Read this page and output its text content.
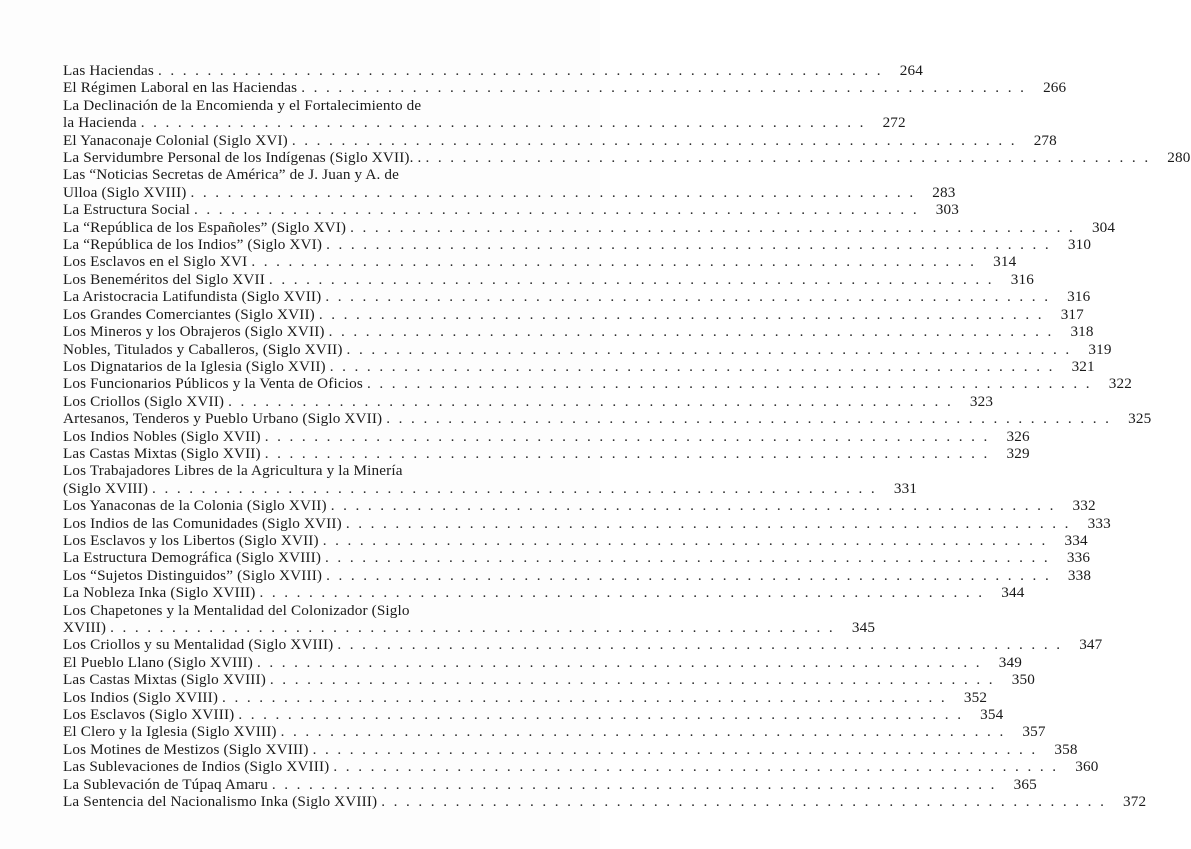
Las Haciendas . . . . . . . . . . . . . . . . . . . . . . . . . . . . . . . . . . . . . . . . . . . . . . . . . . . . . . . . . . .	264
El Régimen Laboral en las Haciendas . . . . . . . . . . . . . . . . . . . . . . . . . . . . . . . . . . . . . . . . . . . . . . . . . . . . . . . . . . .	266
La Declinación de la Encomienda y el Fortalecimiento de
la Hacienda . . . . . . . . . . . . . . . . . . . . . . . . . . . . . . . . . . . . . . . . . . . . . . . . . . . . . . . . . . .	272
El Yanaconaje Colonial (Siglo XVI) . . . . . . . . . . . . . . . . . . . . . . . . . . . . . . . . . . . . . . . . . . . . . . . . . . . . . . . . . . .	278
La Servidumbre Personal de los Indígenas (Siglo XVII). . . . . . . . . . . . . . . . . . . . . . . . . . . . . . . . . . . . . . . . . . . . . . . . . . . . . . . . . . . . .	280
Las “Noticias Secretas de América” de J. Juan y A. de
Ulloa (Siglo XVIII) . . . . . . . . . . . . . . . . . . . . . . . . . . . . . . . . . . . . . . . . . . . . . . . . . . . . . . . . . . .	283
La Estructura Social . . . . . . . . . . . . . . . . . . . . . . . . . . . . . . . . . . . . . . . . . . . . . . . . . . . . . . . . . . .	303
La “República de los Españoles” (Siglo XVI) . . . . . . . . . . . . . . . . . . . . . . . . . . . . . . . . . . . . . . . . . . . . . . . . . . . . . . . . . . .	304
La “República de los Indios” (Siglo XVI) . . . . . . . . . . . . . . . . . . . . . . . . . . . . . . . . . . . . . . . . . . . . . . . . . . . . . . . . . . .	310
Los Esclavos en el Siglo XVI . . . . . . . . . . . . . . . . . . . . . . . . . . . . . . . . . . . . . . . . . . . . . . . . . . . . . . . . . . .	314
Los Beneméritos del Siglo XVII . . . . . . . . . . . . . . . . . . . . . . . . . . . . . . . . . . . . . . . . . . . . . . . . . . . . . . . . . . .	316
La Aristocracia Latifundista (Siglo XVII) . . . . . . . . . . . . . . . . . . . . . . . . . . . . . . . . . . . . . . . . . . . . . . . . . . . . . . . . . . .	316
Los Grandes Comerciantes (Siglo XVII) . . . . . . . . . . . . . . . . . . . . . . . . . . . . . . . . . . . . . . . . . . . . . . . . . . . . . . . . . . .	317
Los Mineros y los Obrajeros (Siglo XVII) . . . . . . . . . . . . . . . . . . . . . . . . . . . . . . . . . . . . . . . . . . . . . . . . . . . . . . . . . . .	318
Nobles, Titulados y Caballeros, (Siglo XVII) . . . . . . . . . . . . . . . . . . . . . . . . . . . . . . . . . . . . . . . . . . . . . . . . . . . . . . . . . . .	319
Los Dignatarios de la Iglesia (Siglo XVII) . . . . . . . . . . . . . . . . . . . . . . . . . . . . . . . . . . . . . . . . . . . . . . . . . . . . . . . . . . .	321
Los Funcionarios Públicos y la Venta de Oficios . . . . . . . . . . . . . . . . . . . . . . . . . . . . . . . . . . . . . . . . . . . . . . . . . . . . . . . . . . .	322
Los Criollos (Siglo XVII) . . . . . . . . . . . . . . . . . . . . . . . . . . . . . . . . . . . . . . . . . . . . . . . . . . . . . . . . . . .	323
Artesanos, Tenderos y Pueblo Urbano (Siglo XVII) . . . . . . . . . . . . . . . . . . . . . . . . . . . . . . . . . . . . . . . . . . . . . . . . . . . . . . . . . . .	325
Los Indios Nobles (Siglo XVII) . . . . . . . . . . . . . . . . . . . . . . . . . . . . . . . . . . . . . . . . . . . . . . . . . . . . . . . . . . .	326
Las Castas Mixtas (Siglo XVII) . . . . . . . . . . . . . . . . . . . . . . . . . . . . . . . . . . . . . . . . . . . . . . . . . . . . . . . . . . .	329
Los Trabajadores Libres de la Agricultura y la Minería
(Siglo XVIII) . . . . . . . . . . . . . . . . . . . . . . . . . . . . . . . . . . . . . . . . . . . . . . . . . . . . . . . . . . .	331
Los Yanaconas de la Colonia (Siglo XVII) . . . . . . . . . . . . . . . . . . . . . . . . . . . . . . . . . . . . . . . . . . . . . . . . . . . . . . . . . . .	332
Los Indios de las Comunidades (Siglo XVII) . . . . . . . . . . . . . . . . . . . . . . . . . . . . . . . . . . . . . . . . . . . . . . . . . . . . . . . . . . .	333
Los Esclavos y los Libertos (Siglo XVII) . . . . . . . . . . . . . . . . . . . . . . . . . . . . . . . . . . . . . . . . . . . . . . . . . . . . . . . . . . .	334
La Estructura Demográfica (Siglo XVIII) . . . . . . . . . . . . . . . . . . . . . . . . . . . . . . . . . . . . . . . . . . . . . . . . . . . . . . . . . . .	336
Los “Sujetos Distinguidos” (Siglo XVIII) . . . . . . . . . . . . . . . . . . . . . . . . . . . . . . . . . . . . . . . . . . . . . . . . . . . . . . . . . . .	338
La Nobleza Inka (Siglo XVIII) . . . . . . . . . . . . . . . . . . . . . . . . . . . . . . . . . . . . . . . . . . . . . . . . . . . . . . . . . . .	344
Los Chapetones y la Mentalidad del Colonizador (Siglo
XVIII) . . . . . . . . . . . . . . . . . . . . . . . . . . . . . . . . . . . . . . . . . . . . . . . . . . . . . . . . . . .	345
Los Criollos y su Mentalidad (Siglo XVIII) . . . . . . . . . . . . . . . . . . . . . . . . . . . . . . . . . . . . . . . . . . . . . . . . . . . . . . . . . . .	347
El Pueblo Llano (Siglo XVIII) . . . . . . . . . . . . . . . . . . . . . . . . . . . . . . . . . . . . . . . . . . . . . . . . . . . . . . . . . . .	349
Las Castas Mixtas (Siglo XVIII) . . . . . . . . . . . . . . . . . . . . . . . . . . . . . . . . . . . . . . . . . . . . . . . . . . . . . . . . . . .	350
Los Indios (Siglo XVIII) . . . . . . . . . . . . . . . . . . . . . . . . . . . . . . . . . . . . . . . . . . . . . . . . . . . . . . . . . . .	352
Los Esclavos (Siglo XVIII) . . . . . . . . . . . . . . . . . . . . . . . . . . . . . . . . . . . . . . . . . . . . . . . . . . . . . . . . . . .	354
El Clero y la Iglesia (Siglo XVIII) . . . . . . . . . . . . . . . . . . . . . . . . . . . . . . . . . . . . . . . . . . . . . . . . . . . . . . . . . . .	357
Los Motines de Mestizos (Siglo XVIII) . . . . . . . . . . . . . . . . . . . . . . . . . . . . . . . . . . . . . . . . . . . . . . . . . . . . . . . . . . .	358
Las Sublevaciones de Indios (Siglo XVIII) . . . . . . . . . . . . . . . . . . . . . . . . . . . . . . . . . . . . . . . . . . . . . . . . . . . . . . . . . . .	360
La Sublevación de Túpaq Amaru . . . . . . . . . . . . . . . . . . . . . . . . . . . . . . . . . . . . . . . . . . . . . . . . . . . . . . . . . . .	365
La Sentencia del Nacionalismo Inka (Siglo XVIII) . . . . . . . . . . . . . . . . . . . . . . . . . . . . . . . . . . . . . . . . . . . . . . . . . . . . . . . . . . .	372
